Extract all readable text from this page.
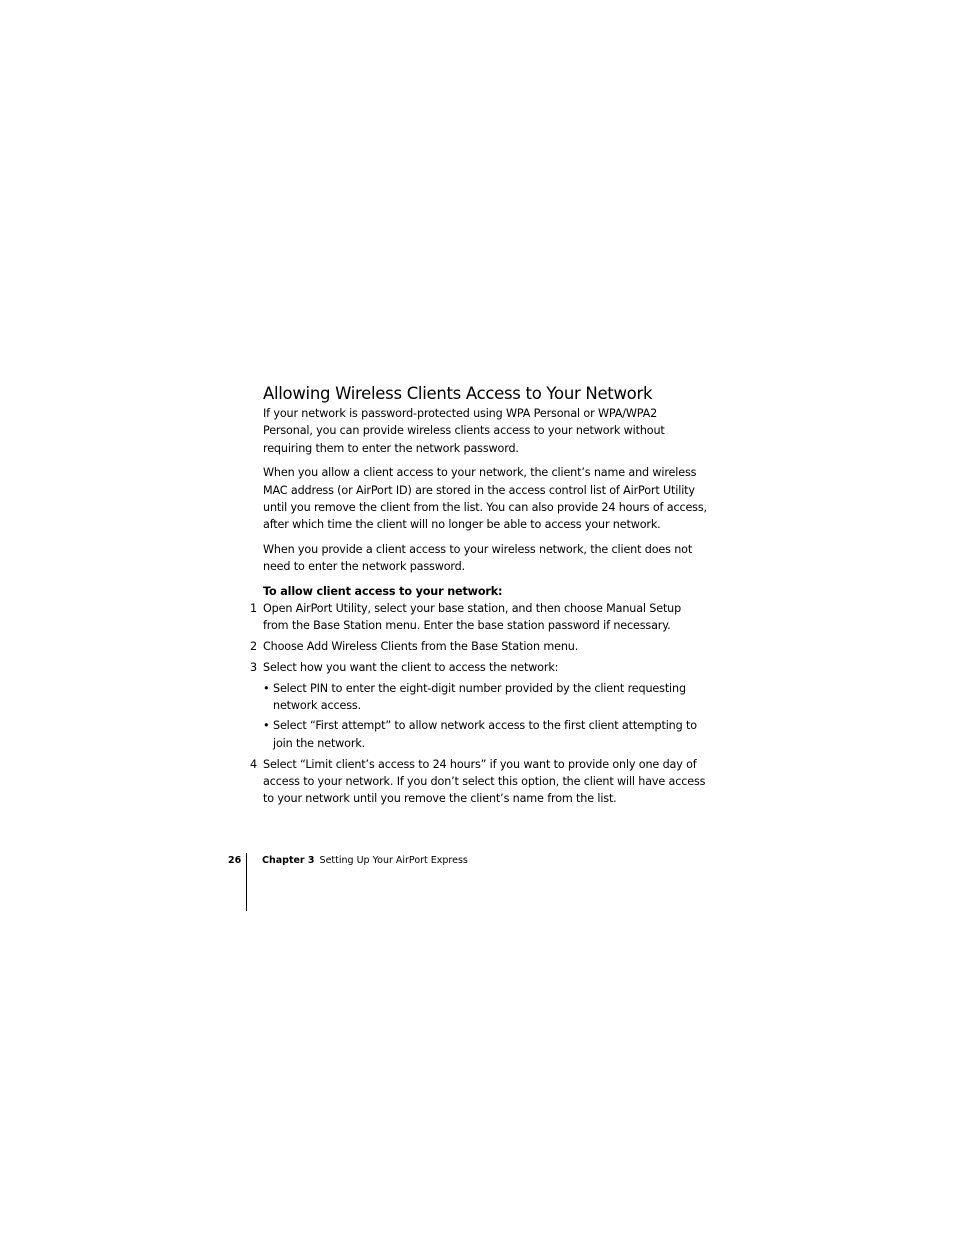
Allowing Wireless Clients Access to Your Network

If your network is password-protected using WPA Personal or WPA/WPA2 Personal, you can provide wireless clients access to your network without requiring them to enter the network password.

When you allow a client access to your network, the client’s name and wireless MAC address (or AirPort ID) are stored in the access control list of AirPort Utility until you remove the client from the list. You can also provide 24 hours of access, after which time the client will no longer be able to access your network.

When you provide a client access to your wireless network, the client does not need to enter the network password.

To allow client access to your network:
1 Open AirPort Utility, select your base station, and then choose Manual Setup from the Base Station menu. Enter the base station password if necessary.
2 Choose Add Wireless Clients from the Base Station menu.
3 Select how you want the client to access the network:
• Select PIN to enter the eight-digit number provided by the client requesting network access.
• Select “First attempt” to allow network access to the first client attempting to join the network.
4 Select “Limit client’s access to 24 hours” if you want to provide only one day of access to your network. If you don’t select this option, the client will have access to your network until you remove the client’s name from the list.
26 Chapter 3 Setting Up Your AirPort Express
